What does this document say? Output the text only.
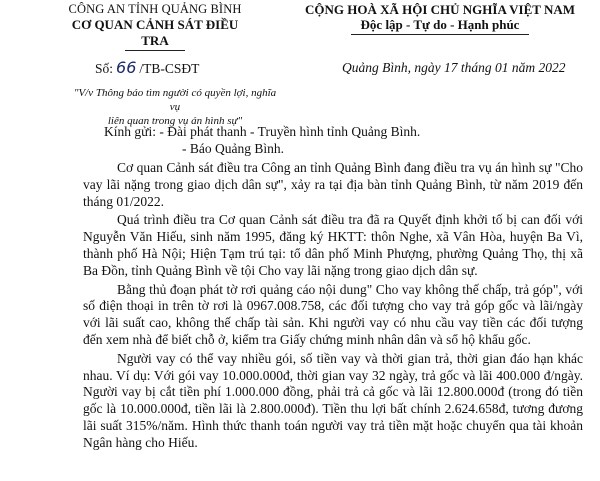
CÔNG AN TỈNH QUẢNG BÌNH
CƠ QUAN CẢNH SÁT ĐIỀU TRA
CỘNG HOÀ XÃ HỘI CHỦ NGHĨA VIỆT NAM
Độc lập - Tự do - Hạnh phúc
Số: 66 /TB-CSĐT	Quảng Bình, ngày 17 tháng 01 năm 2022
"V/v Thông báo tìm người có quyền lợi, nghĩa vụ
liên quan trong vụ án hình sự"
Kính gửi: - Đài phát thanh - Truyền hình tỉnh Quảng Bình.
- Báo Quảng Bình.

Cơ quan Cảnh sát điều tra Công an tỉnh Quảng Bình đang điều tra vụ án hình sự "Cho vay lãi nặng trong giao dịch dân sự", xảy ra tại địa bàn tỉnh Quảng Bình, từ năm 2019 đến tháng 01/2022.

Quá trình điều tra Cơ quan Cảnh sát điều tra đã ra Quyết định khởi tố bị can đối với Nguyễn Văn Hiếu, sinh năm 1995, đăng ký HKTT: thôn Nghe, xã Vân Hòa, huyện Ba Vì, thành phố Hà Nội; Hiện Tạm trú tại: tổ dân phố Minh Phượng, phường Quảng Thọ, thị xã Ba Đồn, tỉnh Quảng Bình về tội Cho vay lãi nặng trong giao dịch dân sự.

Bằng thủ đoạn phát tờ rơi quảng cáo nội dung" Cho vay không thế chấp, trả góp", với số điện thoại in trên tờ rơi là 0967.008.758, các đối tượng cho vay trả góp gốc và lãi/ngày với lãi suất cao, không thế chấp tài sản. Khi người vay có nhu cầu vay tiền các đối tượng đến xem nhà để biết chỗ ở, kiểm tra Giấy chứng minh nhân dân và sổ hộ khẩu gốc.

Người vay có thể vay nhiều gói, số tiền vay và thời gian trả, thời gian đáo hạn khác nhau. Ví dụ: Với gói vay 10.000.000đ, thời gian vay 32 ngày, trả gốc và lãi 400.000 đ/ngày. Người vay bị cắt tiền phí 1.000.000 đồng, phải trả cả gốc và lãi 12.800.000đ (trong đó tiền gốc là 10.000.000đ, tiền lãi là 2.800.000đ). Tiền thu lợi bất chính 2.624.658đ, tương đương lãi suất 315%/năm. Hình thức thanh toán người vay trả tiền mặt hoặc chuyển qua tài khoản Ngân hàng cho Hiếu.
